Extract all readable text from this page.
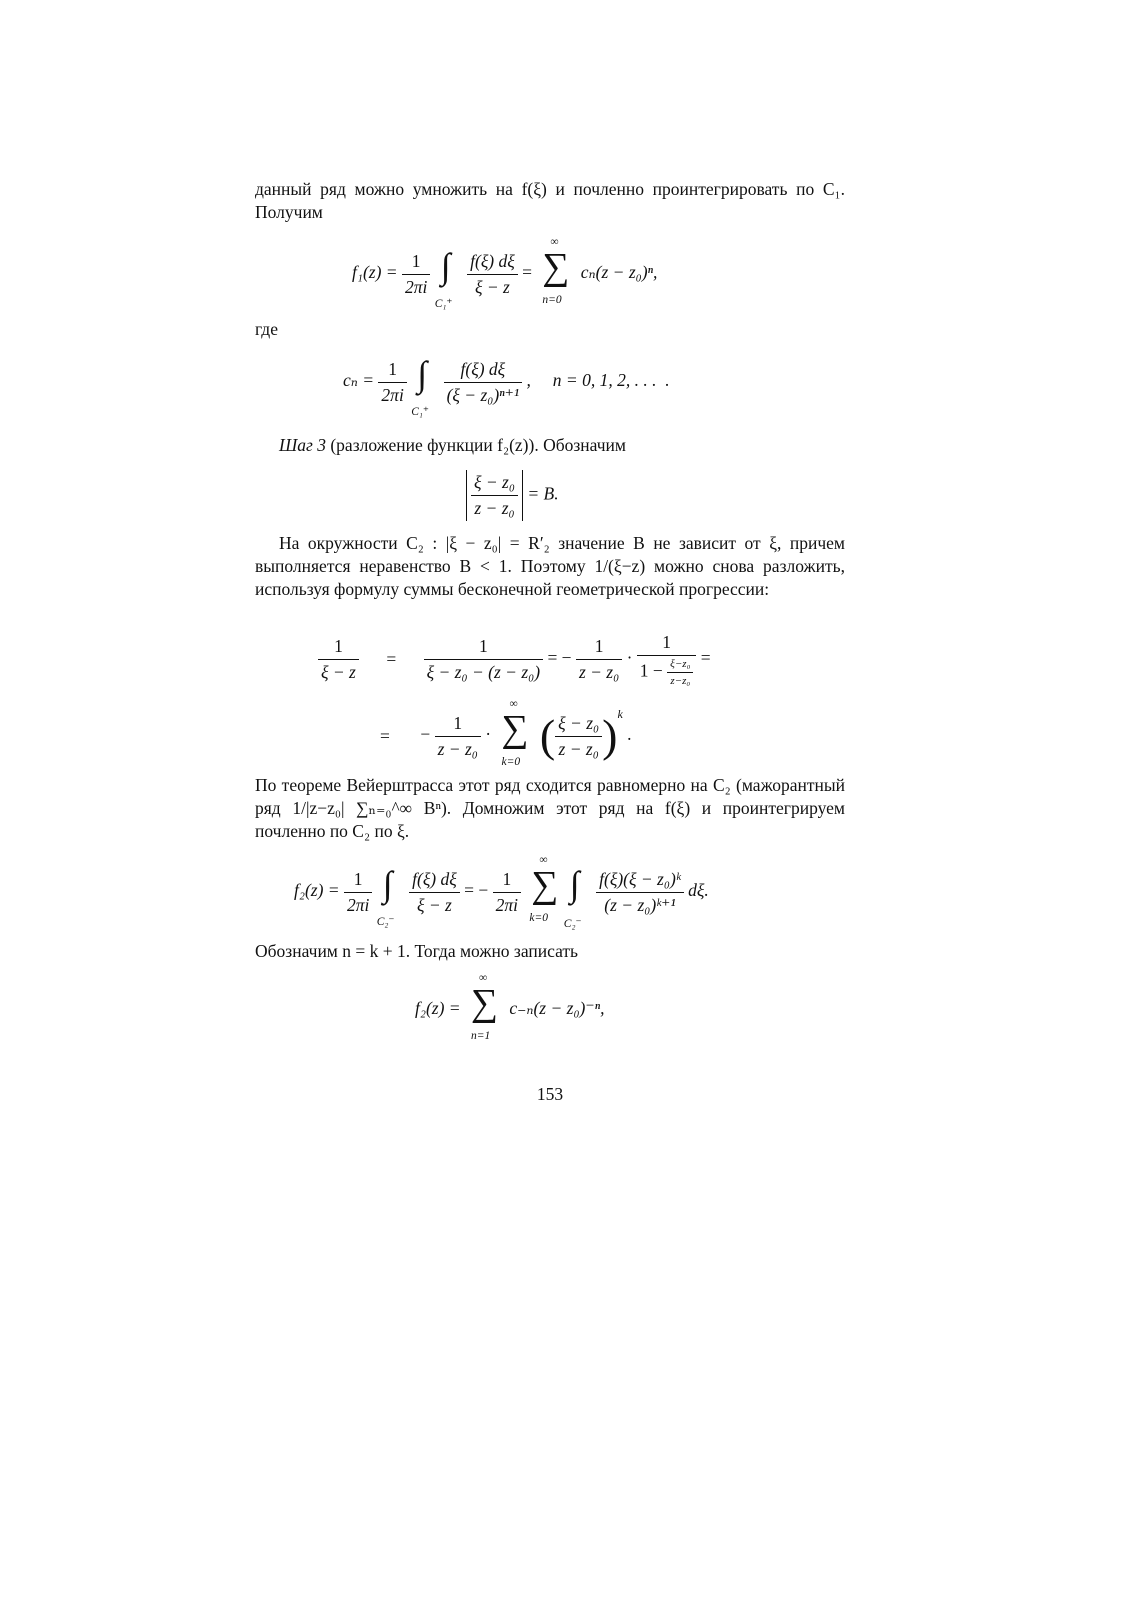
данный ряд можно умножить на f(ξ) и почленно проинтегрировать по C₁. Получим
$f_1(z) = \frac{1}{2\pi i}$
∫
C₁⁺

$\frac{f(\xi) d\xi}{\xi - z}$ =
∞
∑
n=0
cₙ(z − z₀)ⁿ,
где
$c_n = \frac{1}{2\pi i}$
∫
C₁⁺

$\frac{f(\xi) d\xi}{\text{(ξ − z₀)ⁿ⁺¹}}$ ,     n = 0, 1, 2, . . .  .
Шаг 3 (разложение функции f₂(z)). Обозначим
$\frac{\text{ξ − z₀}}{\text{z − z₀}} = B$.
На окружности C₂ : |ξ − z₀| = R′₂ значение B не зависит от ξ, причем выполняется неравенство B < 1. Поэтому 1/(ξ−z) можно снова разложить, используя формулу суммы бесконечной геометрической прогрессии:
$\frac{1}{\xi - z} = \frac{1}{\text{ξ − z₀ − (z − z₀)}}$ = − $\frac{1}{\text{z − z₀}} \cdot \frac{1}{1 - \frac{\text{ξ−z₀}}{\text{z−z₀}}}$ =
= − $\frac{1}{\text{z − z₀}}$ ·
∞
∑
k=0
( $\frac{\text{ξ − z₀}}{\text{z − z₀}} )^k$ .
По теореме Вейерштрасса этот ряд сходится равномерно на C₂ (мажорантный ряд 1/|z−z₀| ∑ₙ₌₀^∞ Bⁿ). Домножим этот ряд на f(ξ) и проинтегрируем почленно по C₂ по ξ.
$f_2(z) = \frac{1}{2\pi i}$
∫
C₂⁻

$\frac{f(\xi) d\xi}{\xi - z}$ = − $\frac{1}{2\pi i}$

∞
∑
k=0

∫
C₂⁻

$\frac{\text{f(ξ)(ξ − z₀)ᵏ}}{\text{(z − z₀)ᵏ⁺¹}} d\xi$.
Обозначим n = k + 1. Тогда можно записать
f₂(z) =
∞
∑
n=1
c₋ₙ(z − z₀)⁻ⁿ,
153
